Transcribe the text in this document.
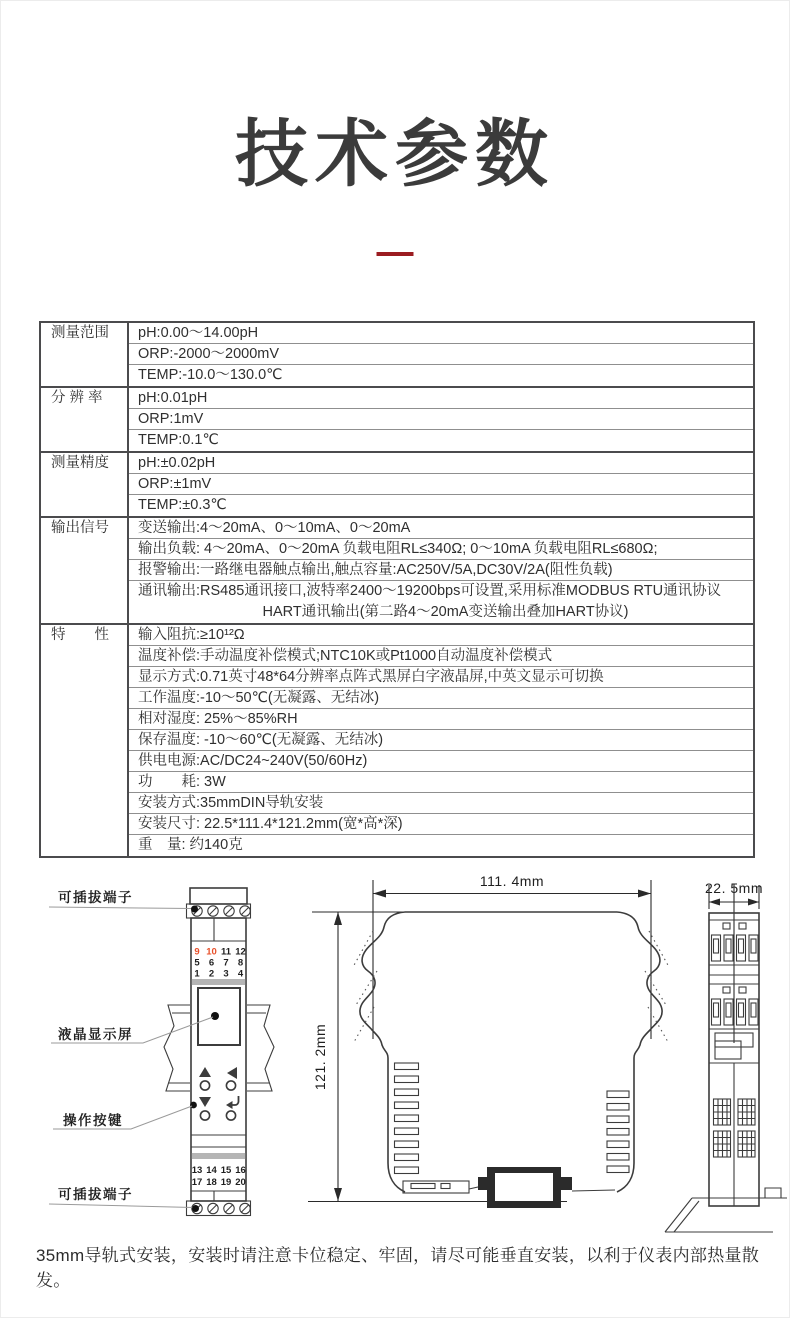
技术参数
测量范围	pH:0.00～14.00pH
ORP:-2000～2000mV
TEMP:-10.0～130.0℃
分 辨 率	pH:0.01pH
ORP:1mV
TEMP:0.1℃
测量精度	pH:±0.02pH
ORP:±1mV
TEMP:±0.3℃
输出信号	变送输出:4～20mA、0～10mA、0～20mA
输出负载: 4～20mA、0～20mA 负载电阻RL≤340Ω; 0～10mA 负载电阻RL≤680Ω;
报警输出:一路继电器触点输出,触点容量:AC250V/5A,DC30V/2A(阻性负载)
通讯输出:RS485通讯接口,波特率2400～19200bps可设置,采用标准MODBUS RTU通讯协议
HART通讯输出(第二路4～20mA变送输出叠加HART协议)
特　　性	输入阻抗:≥10¹²Ω
温度补偿:手动温度补偿模式;NTC10K或Pt1000自动温度补偿模式
显示方式:0.71英寸48*64分辨率点阵式黑屏白字液晶屏,中英文显示可切换
工作温度:-10～50℃(无凝露、无结冰)
相对湿度: 25%～85%RH
保存温度: -10～60℃(无凝露、无结冰)
供电电源:AC/DC24~240V(50/60Hz)
功　　耗: 3W
安装方式:35mmDIN导轨安装
安装尺寸: 22.5*111.4*121.2mm(宽*高*深)
重　量: 约140克
9 10 11 12
5 6 7 8
1 2 3 4
13 14 15 16
17 18 19 20
可插拔端子
液晶显示屏
操作按键
可插拔端子
111. 4mm
121. 2mm
22. 5mm
35mm导轨式安装，安装时请注意卡位稳定、牢固，请尽可能垂直安装，以利于仪表内部热量散发。
